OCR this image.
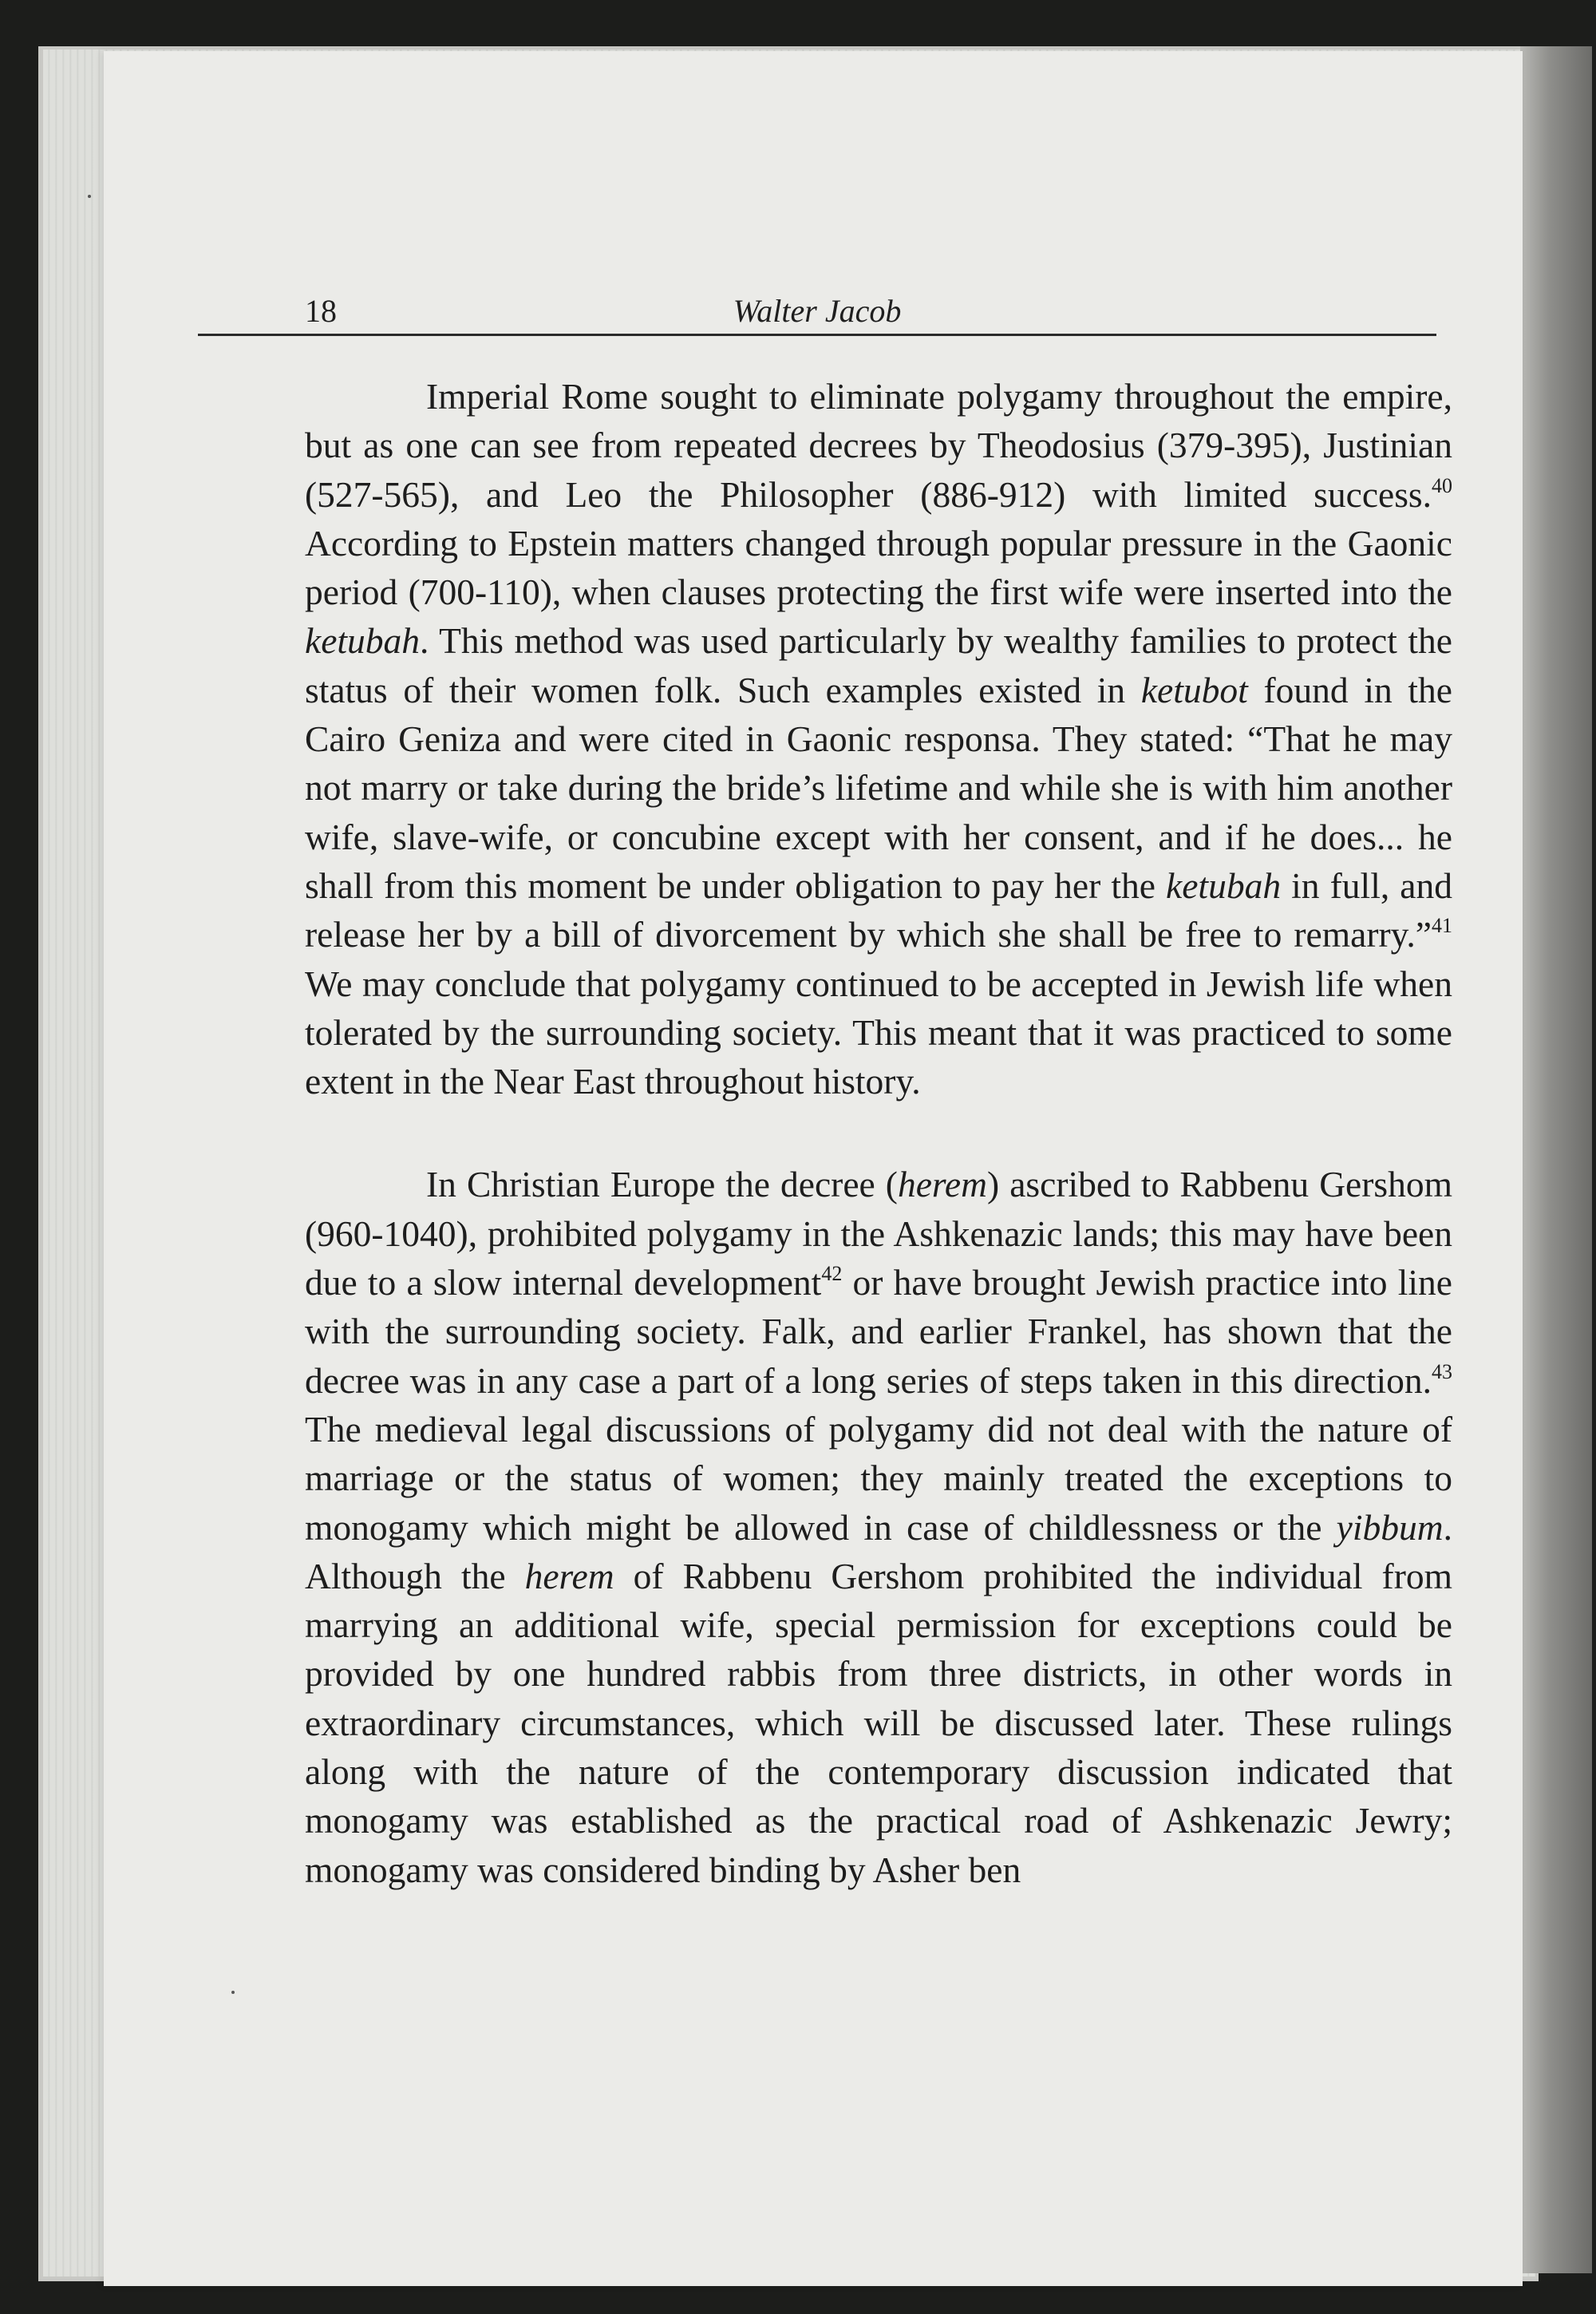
18	Walter Jacob

Imperial Rome sought to eliminate polygamy throughout the empire, but as one can see from repeated decrees by Theodosius (379-395), Justinian (527-565), and Leo the Philosopher (886-912) with limited success.$^{40}$ According to Epstein matters changed through popular pressure in the Gaonic period (700-110), when clauses protecting the first wife were inserted into the ketubah. This method was used particularly by wealthy families to protect the status of their women folk. Such examples existed in ketubot found in the Cairo Geniza and were cited in Gaonic responsa. They stated: “That he may not marry or take during the bride’s lifetime and while she is with him another wife, slave-wife, or concubine except with her consent, and if he does... he shall from this moment be under obligation to pay her the ketubah in full, and release her by a bill of divorcement by which she shall be free to remarry.”$^{41}$ We may conclude that polygamy continued to be accepted in Jewish life when tolerated by the surrounding society. This meant that it was practiced to some extent in the Near East throughout history.

In Christian Europe the decree (herem) ascribed to Rabbenu Gershom (960-1040), prohibited polygamy in the Ashkenazic lands; this may have been due to a slow internal development$^{42}$ or have brought Jewish practice into line with the surrounding society. Falk, and earlier Frankel, has shown that the decree was in any case a part of a long series of steps taken in this direction.$^{43}$ The medieval legal discussions of polygamy did not deal with the nature of marriage or the status of women; they mainly treated the exceptions to monogamy which might be allowed in case of childlessness or the yibbum. Although the herem of Rabbenu Gershom prohibited the individual from marrying an additional wife, special permission for exceptions could be provided by one hundred rabbis from three districts, in other words in extraordinary circumstances, which will be discussed later. These rulings along with the nature of the contemporary discussion indicated that monogamy was established as the practical road of Ashkenazic Jewry; monogamy was considered binding by Asher ben
